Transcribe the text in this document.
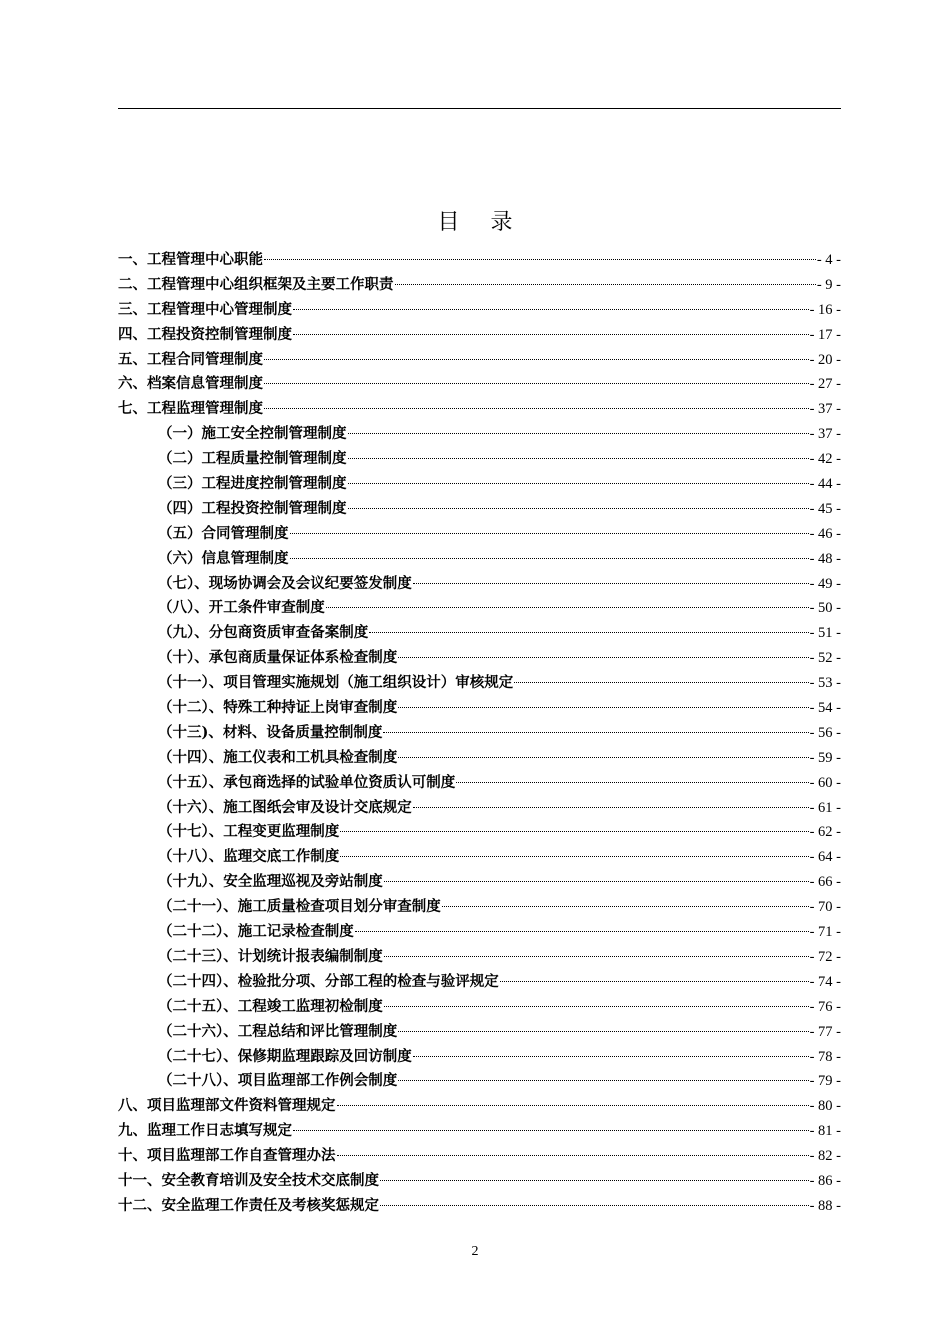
目 录
一、工程管理中心职能	- 4 -
二、工程管理中心组织框架及主要工作职责	- 9 -
三、工程管理中心管理制度	- 16 -
四、工程投资控制管理制度	- 17 -
五、工程合同管理制度	- 20 -
六、档案信息管理制度	- 27 -
七、工程监理管理制度	- 37 -
（一）施工安全控制管理制度	- 37 -
（二）工程质量控制管理制度	- 42 -
（三）工程进度控制管理制度	- 44 -
（四）工程投资控制管理制度	- 45 -
（五）合同管理制度	- 46 -
（六）信息管理制度	- 48 -
（七）、现场协调会及会议纪要签发制度	- 49 -
（八）、开工条件审查制度	- 50 -
（九）、分包商资质审查备案制度	- 51 -
（十）、承包商质量保证体系检查制度	- 52 -
（十一）、项目管理实施规划（施工组织设计）审核规定	- 53 -
（十二）、特殊工种持证上岗审查制度	- 54 -
（十三)、材料、设备质量控制制度	- 56 -
（十四）、施工仪表和工机具检查制度	- 59 -
（十五）、承包商选择的试验单位资质认可制度	- 60 -
（十六）、施工图纸会审及设计交底规定	- 61 -
（十七）、工程变更监理制度	- 62 -
（十八）、监理交底工作制度	- 64 -
（十九）、安全监理巡视及旁站制度	- 66 -
（二十一）、施工质量检查项目划分审查制度	- 70 -
（二十二）、施工记录检查制度	- 71 -
（二十三）、计划统计报表编制制度	- 72 -
（二十四）、检验批分项、分部工程的检查与验评规定	- 74 -
（二十五）、工程竣工监理初检制度	- 76 -
（二十六）、工程总结和评比管理制度	- 77 -
（二十七）、保修期监理跟踪及回访制度	- 78 -
（二十八）、项目监理部工作例会制度	- 79 -
八、项目监理部文件资料管理规定	- 80 -
九、监理工作日志填写规定	- 81 -
十、项目监理部工作自查管理办法	- 82 -
十一、安全教育培训及安全技术交底制度	- 86 -
十二、安全监理工作责任及考核奖惩规定	- 88 -
2
